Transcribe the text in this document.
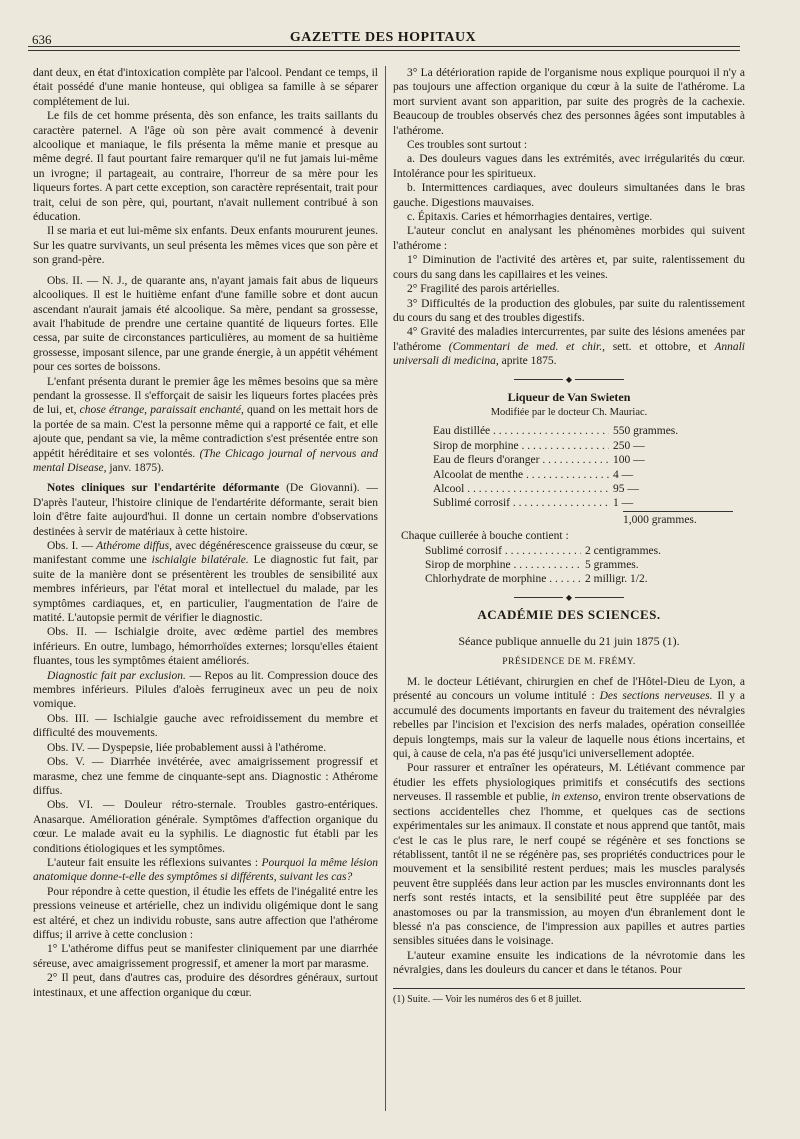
636	GAZETTE DES HOPITAUX

dant deux, en état d'intoxication complète par l'alcool. Pendant ce temps, il était possédé d'une manie honteuse, qui obligea sa famille à se séparer complétement de lui.

Le fils de cet homme présenta, dès son enfance, les traits saillants du caractère paternel. A l'âge où son père avait commencé à devenir alcoolique et maniaque, le fils présenta la même manie et presque au même degré. Il faut pourtant faire remarquer qu'il ne fut jamais lui-même un ivrogne; il partageait, au contraire, l'horreur de sa mère pour les liqueurs fortes. A part cette exception, son caractère représentait, trait pour trait, celui de son père, qui, pourtant, n'avait nullement contribué à son éducation.

Il se maria et eut lui-même six enfants. Deux enfants moururent jeunes. Sur les quatre survivants, un seul présenta les mêmes vices que son père et son grand-père.

Obs. II. — N. J., de quarante ans, n'ayant jamais fait abus de liqueurs alcooliques. Il est le huitième enfant d'une famille sobre et dont aucun ascendant n'aurait jamais été alcoolique. Sa mère, pendant sa grossesse, avait l'habitude de prendre une certaine quantité de liqueurs fortes. Elle cessa, par suite de circonstances particulières, au moment de sa huitième grossesse, imposant silence, par une grande énergie, à un appétit véhément pour ces sortes de boissons.

L'enfant présenta durant le premier âge les mêmes besoins que sa mère pendant la grossesse. Il s'efforçait de saisir les liqueurs fortes placées près de lui, et, chose étrange, paraissait enchanté, quand on les mettait hors de la portée de sa main. C'est la personne même qui a rapporté ce fait, et elle ajoute que, pendant sa vie, la même contradiction s'est présentée entre son appétit héréditaire et ses volontés. (The Chicago journal of nervous and mental Disease, janv. 1875).

Notes cliniques sur l'endartérite déformante (De Giovanni). — D'après l'auteur, l'histoire clinique de l'endartérite déformante, serait bien loin d'être faite aujourd'hui. Il donne un certain nombre d'observations destinées à servir de matériaux à cette histoire.

Obs. I. — Athérome diffus, avec dégénérescence graisseuse du cœur, se manifestant comme une ischialgie bilatérale. Le diagnostic fut fait, par suite de la manière dont se présentèrent les troubles de sensibilité aux membres inférieurs, par l'état moral et intellectuel du malade, par les symptômes cardiaques, et, en particulier, l'augmentation de l'aire de matité. L'autopsie permit de vérifier le diagnostic.

Obs. II. — Ischialgie droite, avec œdème partiel des membres inférieurs. En outre, lumbago, hémorrhoïdes externes; lorsqu'elles étaient fluantes, tous les symptômes étaient améliorés.

Diagnostic fait par exclusion. — Repos au lit. Compression douce des membres inférieurs. Pilules d'aloès ferrugineux avec un peu de noix vomique.

Obs. III. — Ischialgie gauche avec refroidissement du membre et difficulté des mouvements.

Obs. IV. — Dyspepsie, liée probablement aussi à l'athérome.

Obs. V. — Diarrhée invétérée, avec amaigrissement progressif et marasme, chez une femme de cinquante-sept ans. Diagnostic : Athérome diffus.

Obs. VI. — Douleur rétro-sternale. Troubles gastro-entériques. Anasarque. Amélioration générale. Symptômes d'affection organique du cœur. Le malade avait eu la syphilis. Le diagnostic fut établi par les conditions étiologiques et les symptômes.

L'auteur fait ensuite les réflexions suivantes : Pourquoi la même lésion anatomique donne-t-elle des symptômes si différents, suivant les cas?

Pour répondre à cette question, il étudie les effets de l'inégalité entre les pressions veineuse et artérielle, chez un individu oligémique dont le sang est altéré, et chez un individu robuste, sans autre affection que l'athérome diffus; il arrive à cette conclusion :

1° L'athérome diffus peut se manifester cliniquement par une diarrhée séreuse, avec amaigrissement progressif, et amener la mort par marasme.

2° Il peut, dans d'autres cas, produire des désordres généraux, surtout intestinaux, et une affection organique du cœur.

3° La détérioration rapide de l'organisme nous explique pourquoi il n'y a pas toujours une affection organique du cœur à la suite de l'athérome. La mort survient avant son apparition, par suite des progrès de la cachexie. Beaucoup de troubles observés chez des personnes âgées sont imputables à l'athérome.

Ces troubles sont surtout :

a. Des douleurs vagues dans les extrémités, avec irrégularités du cœur. Intolérance pour les spiritueux.

b. Intermittences cardiaques, avec douleurs simultanées dans le bras gauche. Digestions mauvaises.

c. Épitaxis. Caries et hémorrhagies dentaires, vertige.

L'auteur conclut en analysant les phénomènes morbides qui suivent l'athérome :

1° Diminution de l'activité des artères et, par suite, ralentissement du cours du sang dans les capillaires et les veines.

2° Fragilité des parois artérielles.

3° Difficultés de la production des globules, par suite du ralentissement du cours du sang et des troubles digestifs.

4° Gravité des maladies intercurrentes, par suite des lésions amenées par l'athérome (Commentari de med. et chir., sett. et ottobre, et Annali universali di medicina, aprite 1875.

◆
Liqueur de Van Swieten
Modifiée par le docteur Ch. Mauriac.
Eau distillée . . .	550 grammes.
Sirop de morphine . . .	250 —
Eau de fleurs d'oranger . . .	100 —
Alcoolat de menthe . . .	4 —
Alcool . . .	95 —
Sublimé corrosif . . .	1 —
1,000 grammes.

Chaque cuillerée à bouche contient :

Sublimé corrosif . . .	2 centigrammes.
Sirop de morphine . . .	5 grammes.
Chlorhydrate de morphine . . .	2 milligr. 1/2.
◆

ACADÉMIE DES SCIENCES.

Séance publique annuelle du 21 juin 1875 (1).

PRÉSIDENCE DE M. FRÉMY.

M. le docteur Létiévant, chirurgien en chef de l'Hôtel-Dieu de Lyon, a présenté au concours un volume intitulé : Des sections nerveuses. Il y a accumulé des documents importants en faveur du traitement des névralgies rebelles par l'incision et l'excision des nerfs malades, opération conseillée depuis longtemps, mais sur la valeur de laquelle nous étions incertains, et qui, à cause de cela, n'a pas été jusqu'ici universellement adoptée.

Pour rassurer et entraîner les opérateurs, M. Létiévant commence par étudier les effets physiologiques primitifs et consécutifs des sections nerveuses. Il rassemble et publie, in extenso, environ trente observations de sections accidentelles chez l'homme, et quelques cas de sections expérimentales sur les animaux. Il constate et nous apprend que tantôt, mais c'est le cas le plus rare, le nerf coupé se régénère et ses fonctions se rétablissent, tantôt il ne se régénère pas, ses propriétés conductrices pour le mouvement et la sensibilité restent perdues; mais les muscles paralysés peuvent être suppléés dans leur action par les muscles environnants dont les nerfs sont restés intacts, et la sensibilité peut être suppléée par des anastomoses ou par la transmission, au moyen d'un ébranlement dont le blessé n'a pas conscience, de l'impression aux papilles et autres parties sensibles situées dans le voisinage.

L'auteur examine ensuite les indications de la névrotomie dans les névralgies, dans les douleurs du cancer et dans le tétanos. Pour

(1) Suite. — Voir les numéros des 6 et 8 juillet.
